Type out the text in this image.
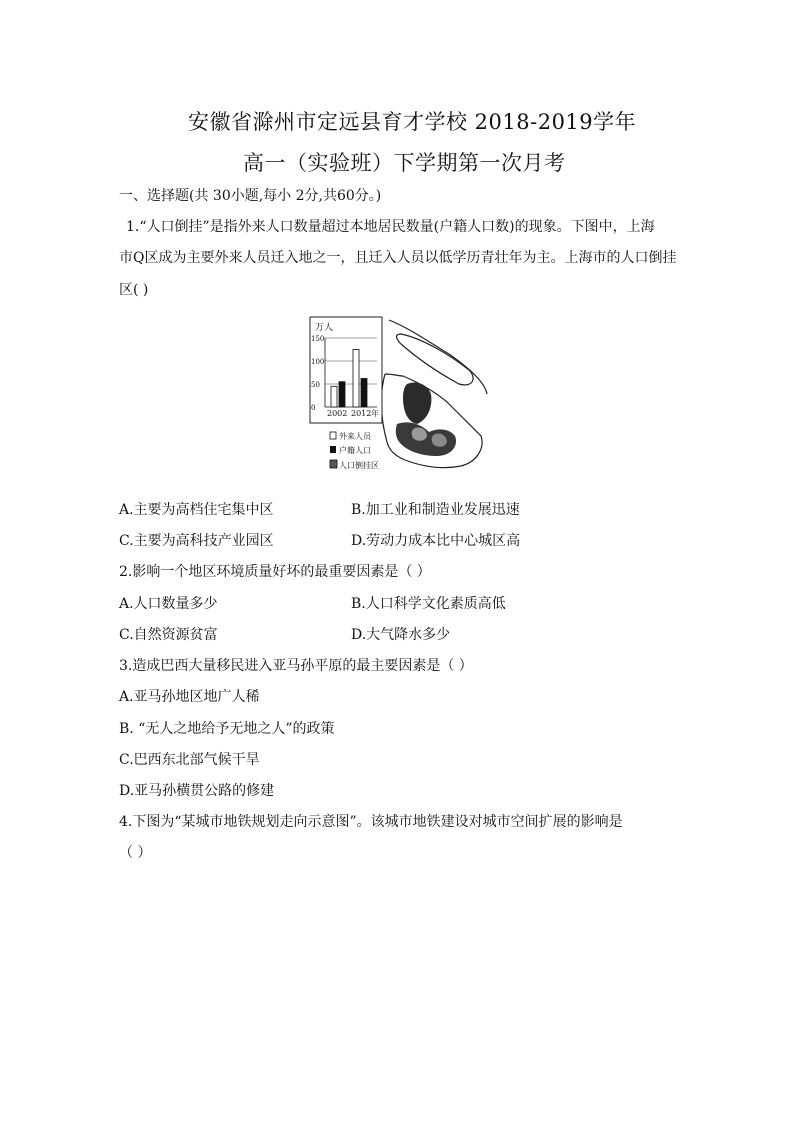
安徽省滁州市定远县育才学校 2018-2019学年
高一（实验班）下学期第一次月考
一、选择题(共 30小题,每小 2分,共60分。)
1.“人口倒挂”是指外来人口数量超过本地居民数量(户籍人口数)的现象。下图中，上海
市Q区成为主要外来人员迁入地之一，且迁入人员以低学历青壮年为主。上海市的人口倒挂
区( )
万人
150
100
50
0
2002 2012 年
外来人员
户籍人口
人口倒挂区
A.主要为高档住宅集中区	B.加工业和制造业发展迅速
C.主要为高科技产业园区	D.劳动力成本比中心城区高
2.影响一个地区环境质量好坏的最重要因素是（ ）
A.人口数量多少	B.人口科学文化素质高低
C.自然资源贫富	D.大气降水多少
3.造成巴西大量移民进入亚马孙平原的最主要因素是（ ）
A.亚马孙地区地广人稀
B. “无人之地给予无地之人”的政策
C.巴西东北部气候干旱
D.亚马孙横贯公路的修建
4.下图为“某城市地铁规划走向示意图”。该城市地铁建设对城市空间扩展的影响是
（ ）
